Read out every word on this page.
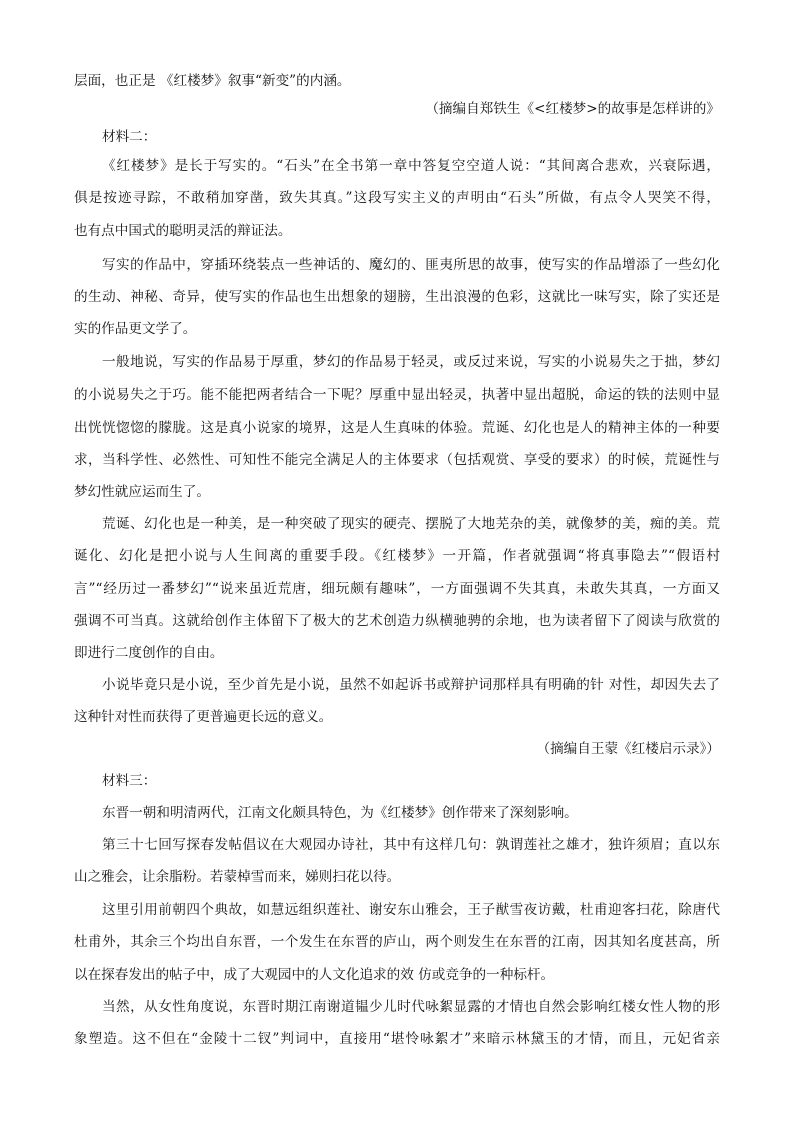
层面，也正是 《红楼梦》叙事“新变”的内涵。
（摘编自郑铁生《<红楼梦>的故事是怎样讲的》
材料二：
《红楼梦》是长于写实的。“石头”在全书第一章中答复空空道人说：“其间离合悲欢，兴衰际遇，
俱是按迹寻踪，不敢稍加穿凿，致失其真。”这段写实主义的声明由“石头”所做，有点令人哭笑不得，
也有点中国式的聪明灵活的辩证法。
写实的作品中，穿插环绕装点一些神话的、魔幻的、匪夷所思的故事，使写实的作品增添了一些幻化
的生动、神秘、奇异，使写实的作品也生出想象的翅膀，生出浪漫的色彩，这就比一味写实，除了实还是
实的作品更文学了。
一般地说，写实的作品易于厚重，梦幻的作品易于轻灵，或反过来说，写实的小说易失之于拙，梦幻
的小说易失之于巧。能不能把两者结合一下呢？厚重中显出轻灵，执著中显出超脱，命运的铁的法则中显
出恍恍惚惚的朦胧。这是真小说家的境界，这是人生真味的体验。荒诞、幻化也是人的精神主体的一种要
求，当科学性、必然性、可知性不能完全满足人的主体要求（包括观赏、享受的要求）的时候，荒诞性与
梦幻性就应运而生了。
荒诞、幻化也是一种美，是一种突破了现实的硬壳、摆脱了大地芜杂的美，就像梦的美，痴的美。荒
诞化、幻化是把小说与人生间离的重要手段。《红楼梦》一开篇，作者就强调“将真事隐去”“假语村
言”“经历过一番梦幻”“说来虽近荒唐，细玩颇有趣味”，一方面强调不失其真，未敢失其真，一方面又
强调不可当真。这就给创作主体留下了极大的艺术创造力纵横驰骋的余地，也为读者留下了阅读与欣赏的
即进行二度创作的自由。
小说毕竟只是小说，至少首先是小说，虽然不如起诉书或辩护词那样具有明确的针 对性，却因失去了
这种针对性而获得了更普遍更长远的意义。
（摘编自王蒙《红楼启示录》）
材料三：
东晋一朝和明清两代，江南文化颇具特色，为《红楼梦》创作带来了深刻影响。
第三十七回写探春发帖倡议在大观园办诗社，其中有这样几句：孰谓莲社之雄才，独许须眉；直以东
山之雅会，让余脂粉。若蒙棹雪而来，娣则扫花以待。
这里引用前朝四个典故，如慧远组织莲社、谢安东山雅会，王子猷雪夜访戴，杜甫迎客扫花，除唐代
杜甫外，其余三个均出自东晋，一个发生在东晋的庐山，两个则发生在东晋的江南，因其知名度甚高，所
以在探春发出的帖子中，成了大观园中的人文化追求的效 仿或竞争的一种标杆。
当然，从女性角度说，东晋时期江南谢道韫少儿时代咏絮显露的才情也自然会影响红楼女性人物的形
象塑造。这不但在“金陵十二钗”判词中，直接用“堪怜咏絮才”来暗示林黛玉的才情，而且，元妃省亲
